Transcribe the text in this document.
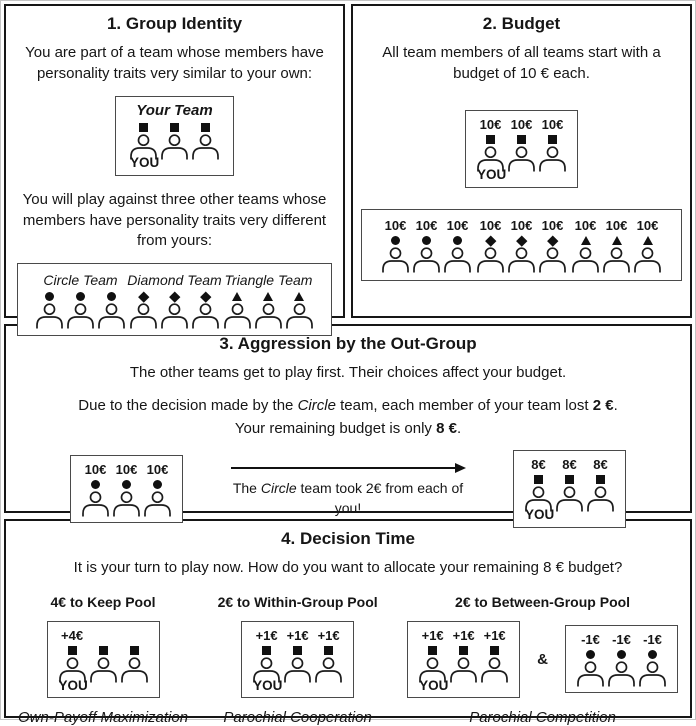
1. Group Identity

You are part of a team whose members have personality traits very similar to your own:

Your Team
YOU

You will play against three other teams whose members have personality traits very different from yours:

Circle Team Diamond Team Triangle Team
2. Budget

All team members of all teams start with a budget of 10 € each.

10€ 10€ 10€
YOU
10€ 10€ 10€ 10€ 10€ 10€ 10€ 10€ 10€
3. Aggression by the Out-Group

The other teams get to play first. Their choices affect your budget.

Due to the decision made by the Circle team, each member of your team lost 2 €.

Your remaining budget is only 8 €.

10€ 10€ 10€

The Circle team took 2€ from each of you!

8€ 8€ 8€
YOU
4. Decision Time

It is your turn to play now. How do you want to allocate your remaining 8 € budget?

4€ to Keep Pool
+4€
YOU
Own-Payoff Maximization
2€ to Within-Group Pool
+1€ +1€ +1€
YOU
Parochial Cooperation
2€ to Between-Group Pool
+1€ +1€ +1€
YOU
&
-1€ -1€ -1€
Parochial Competition
